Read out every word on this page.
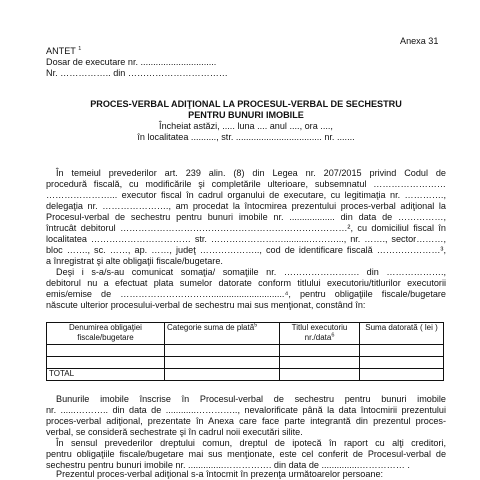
Anexa 31
ANTET $^1$
Dosar de executare nr. ..............................
Nr. …………….. din ……………………………
PROCES-VERBAL ADIŢIONAL LA PROCESUL-VERBAL DE SECHESTRU
PENTRU BUNURI IMOBILE
Încheiat astăzi, ..... luna .... anul ...., ora ....,
în localitatea .........., str. .................................. nr. .......
În temeiul prevederilor art. 239 alin. (8) din Legea nr. 207/2015 privind Codul de
procedură fiscală, cu modificările şi completările ulterioare, subsemnatul ……………………
…………………... executor fiscal în cadrul organului de executare, cu legitimaţia nr. ………….,
delegaţia nr. …………………., am procedat la întocmirea prezentului proces-verbal adiţional la
Procesul-verbal de sechestru pentru bunuri imobile nr. .................. din data de ……………,
întrucât debitorul …………………………………………………………………², cu domiciliul fiscal în
localitatea …………………………… str. ……………………..........………..., nr. ……., sector………,
bloc ……., sc. ……, ap. ……, judeţ ……………….., cod de identificare fiscală …………………³,
a înregistrat şi alte obligaţii fiscale/bugetare.
Deşi i s-a/s-au comunicat somaţia/ somaţiile nr. ……………………. din ……………….,
debitorul nu a efectuat plata sumelor datorate conform titlului executoriu/titlurilor executorii
emis/emise de ………………………….............................⁴, pentru obligaţiile fiscale/bugetare
născute ulterior procesului-verbal de sechestru mai sus menţionat, constând în:
Denumirea obligaţiei fiscale/bugetare	Categorie suma de plată$^5$	Titlul executoriu nr./data$^6$	Suma datorată ( lei )

TOTAL			
Bunurile imobile înscrise în Procesul-verbal de sechestru pentru bunuri imobile
nr. ......……….. din data de ............………….., nevalorificate până la data întocmirii prezentului
proces-verbal adiţional, prezentate în Anexa care face parte integrantă din prezentul proces-
verbal, se consideră sechestrate şi în cadrul noii executări silite.
În sensul prevederilor dreptului comun, dreptul de ipotecă în raport cu alţi creditori,
pentru obligaţiile fiscale/bugetare mai sus menţionate, este cel conferit de Procesul-verbal de
sechestru pentru bunuri imobile nr. ..............……………. din data de ...............…………… .
Prezentul proces-verbal adiţional s-a întocmit în prezenţa următoarelor persoane:
